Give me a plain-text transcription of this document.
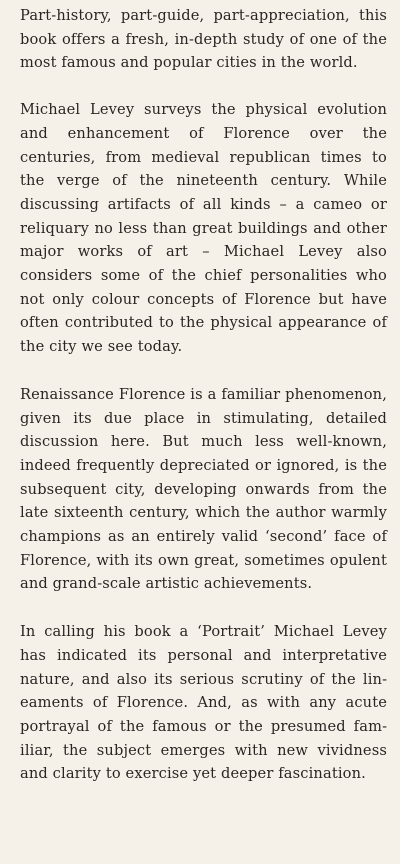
Part-history, part-guide, part-appreciation, this book offers a fresh, in-depth study of one of the most famous and popular cities in the world.

Michael Levey surveys the physical evolution and enhancement of Florence over the centuries, from medieval republican times to the verge of the nineteenth century. While discussing artifacts of all kinds – a cameo or reliquary no less than great buildings and other major works of art – Michael Levey also considers some of the chief personalities who not only colour concepts of Florence but have often contributed to the physical appearance of the city we see today.

Renaissance Florence is a familiar phenomenon, given its due place in stimulating, detailed discussion here. But much less well-known, indeed frequently depreciated or ignored, is the subsequent city, developing onwards from the late sixteenth century, which the author warmly champions as an entirely valid ‘second’ face of Florence, with its own great, sometimes opulent and grand-scale artistic achievements.

In calling his book a ‘Portrait’ Michael Levey has indicated its personal and interpretative nature, and also its serious scrutiny of the lineaments of Florence. And, as with any acute portrayal of the famous or the presumed familiar, the subject emerges with new vividness and clarity to exercise yet deeper fascination.
